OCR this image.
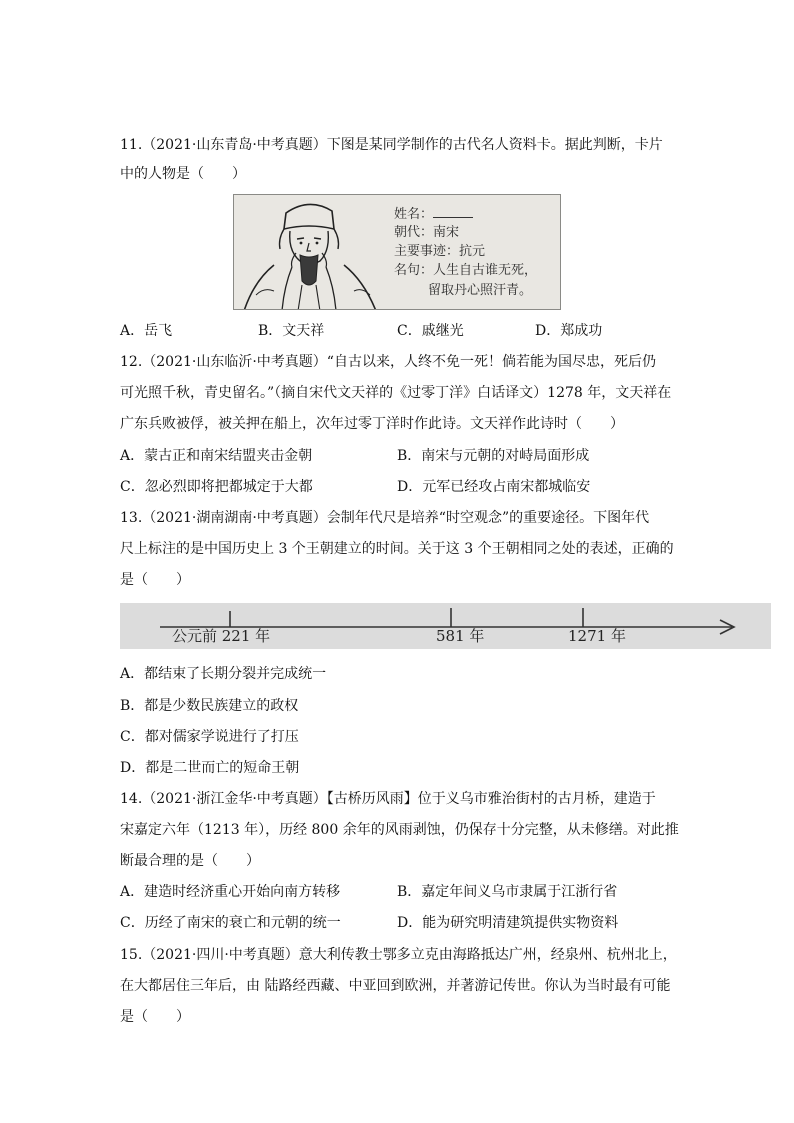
11.（2021·山东青岛·中考真题）下图是某同学制作的古代名人资料卡。据此判断，卡片
中的人物是（　　）
姓名：
朝代：南宋
主要事迹：抗元
名句：人生自古谁无死，
留取丹心照汗青。
A．岳飞	B．文天祥	C．戚继光	D．郑成功
12.（2021·山东临沂·中考真题）“自古以来，人终不免一死！倘若能为国尽忠，死后仍
可光照千秋，青史留名。”（摘自宋代文天祥的《过零丁洋》白话译文）1278 年，文天祥在
广东兵败被俘，被关押在船上，次年过零丁洋时作此诗。文天祥作此诗时（　　）
A．蒙古正和南宋结盟夹击金朝	B．南宋与元朝的对峙局面形成
C．忽必烈即将把都城定于大都	D．元军已经攻占南宋都城临安
13.（2021·湖南湖南·中考真题）会制年代尺是培养“时空观念”的重要途径。下图年代
尺上标注的是中国历史上 3 个王朝建立的时间。关于这 3 个王朝相同之处的表述，正确的
是（　　）
公元前 221 年	581 年	1271 年
A．都结束了长期分裂并完成统一
B．都是少数民族建立的政权
C．都对儒家学说进行了打压
D．都是二世而亡的短命王朝
14.（2021·浙江金华·中考真题）【古桥历风雨】位于义乌市雅治街村的古月桥，建造于
宋嘉定六年（1213 年），历经 800 余年的风雨剥蚀，仍保存十分完整，从未修缮。对此推
断最合理的是（　　）
A．建造时经济重心开始向南方转移	B．嘉定年间义乌市隶属于江浙行省
C．历经了南宋的衰亡和元朝的统一	D．能为研究明清建筑提供实物资料
15.（2021·四川·中考真题）意大利传教士鄂多立克由海路抵达广州，经泉州、杭州北上，
在大都居住三年后，由 陆路经西藏、中亚回到欧洲，并著游记传世。你认为当时最有可能
是（　　）
